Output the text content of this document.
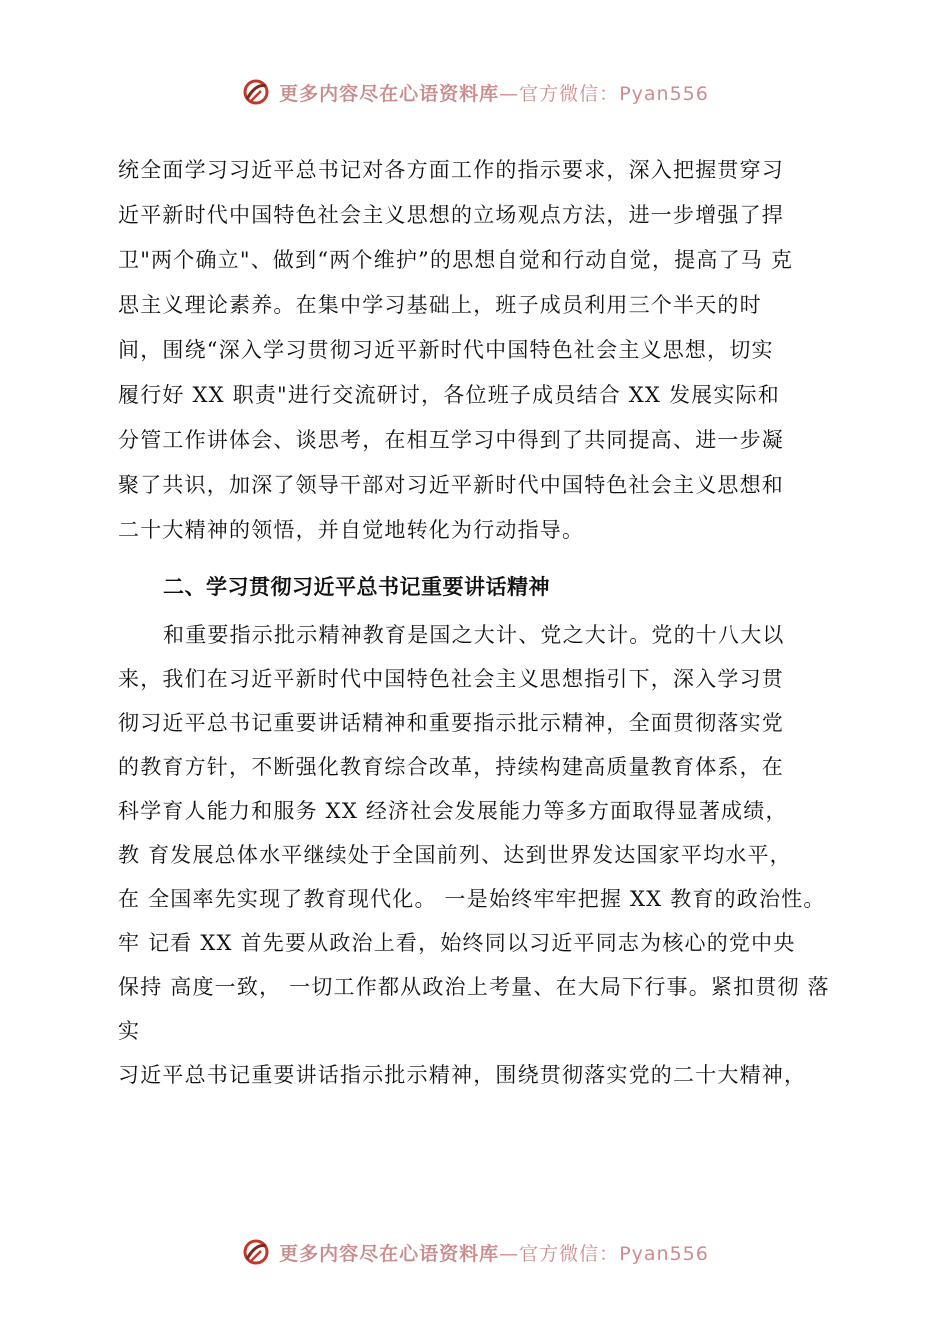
更多内容尽在心语资料库—官方微信：Pyan556
统全面学习习近平总书记对各方面工作的指示要求，深入把握贯穿习
近平新时代中国特色社会主义思想的立场观点方法，进一步增强了捍
卫"两个确立"、做到“两个维护”的思想自觉和行动自觉，提高了马 克
思主义理论素养。在集中学习基础上，班子成员利用三个半天的时
间，围绕“深入学习贯彻习近平新时代中国特色社会主义思想，切实
履行好 XX 职责"进行交流研讨，各位班子成员结合 XX 发展实际和
分管工作讲体会、谈思考，在相互学习中得到了共同提高、进一步凝
聚了共识，加深了领导干部对习近平新时代中国特色社会主义思想和
二十大精神的领悟，并自觉地转化为行动指导。
二、学习贯彻习近平总书记重要讲话精神
和重要指示批示精神教育是国之大计、党之大计。党的十八大以
来，我们在习近平新时代中国特色社会主义思想指引下，深入学习贯
彻习近平总书记重要讲话精神和重要指示批示精神，全面贯彻落实党
的教育方针，不断强化教育综合改革，持续构建高质量教育体系，在
科学育人能力和服务 XX 经济社会发展能力等多方面取得显著成绩，
教 育发展总体水平继续处于全国前列、达到世界发达国家平均水平，
在 全国率先实现了教育现代化。 一是始终牢牢把握 XX 教育的政治性。
牢 记看 XX 首先要从政治上看，始终同以习近平同志为核心的党中央
保持 高度一致， 一切工作都从政治上考量、在大局下行事。紧扣贯彻 落
实
习近平总书记重要讲话指示批示精神，围绕贯彻落实党的二十大精神，
更多内容尽在心语资料库—官方微信：Pyan556
